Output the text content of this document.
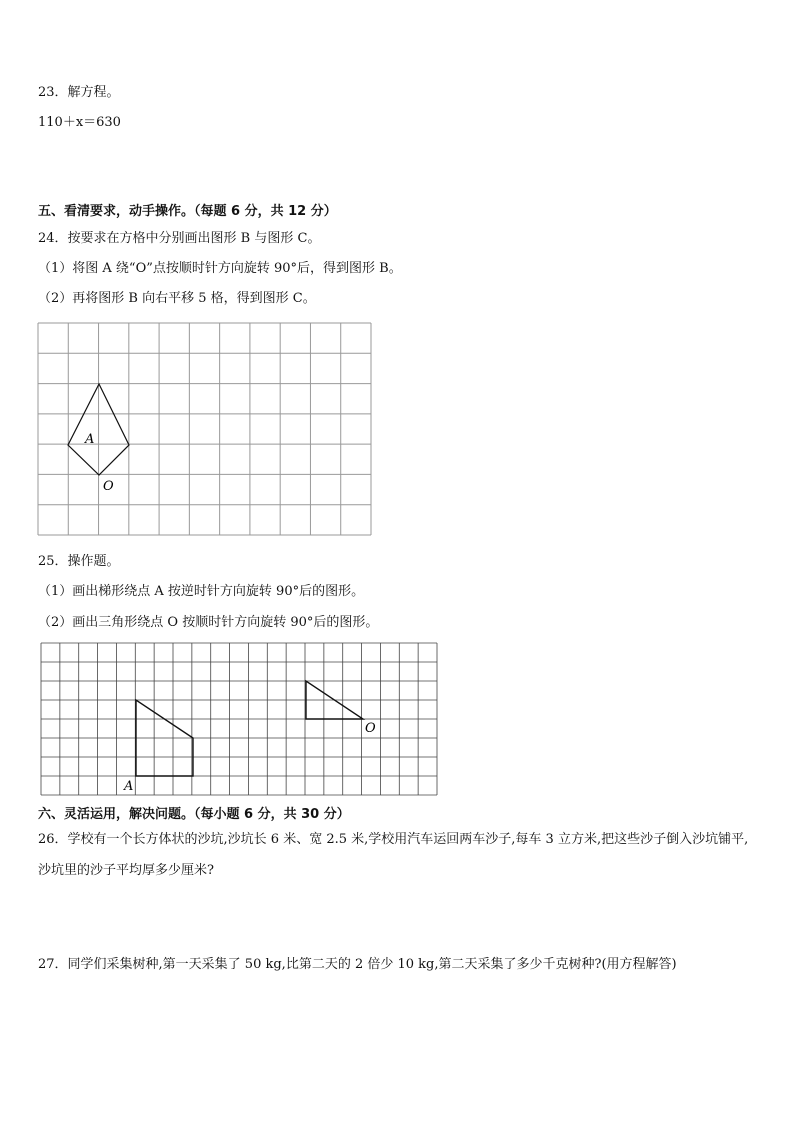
23．解方程。
110＋x＝630
五、看清要求，动手操作。（每题 6 分，共 12 分）
24．按要求在方格中分别画出图形 B 与图形 C。
（1）将图 A 绕“O”点按顺时针方向旋转 90°后，得到图形 B。
（2）再将图形 B 向右平移 5 格，得到图形 C。
A
O
25．操作题。
（1）画出梯形绕点 A 按逆时针方向旋转 90°后的图形。
（2）画出三角形绕点 O 按顺时针方向旋转 90°后的图形。
A
O
六、灵活运用，解决问题。（每小题 6 分，共 30 分）
26．学校有一个长方体状的沙坑,沙坑长 6 米、宽 2.5 米,学校用汽车运回两车沙子,每车 3 立方米,把这些沙子倒入沙坑铺平,沙坑里的沙子平均厚多少厘米?
27．同学们采集树种,第一天采集了 50 kg,比第二天的 2 倍少 10 kg,第二天采集了多少千克树种?(用方程解答)
